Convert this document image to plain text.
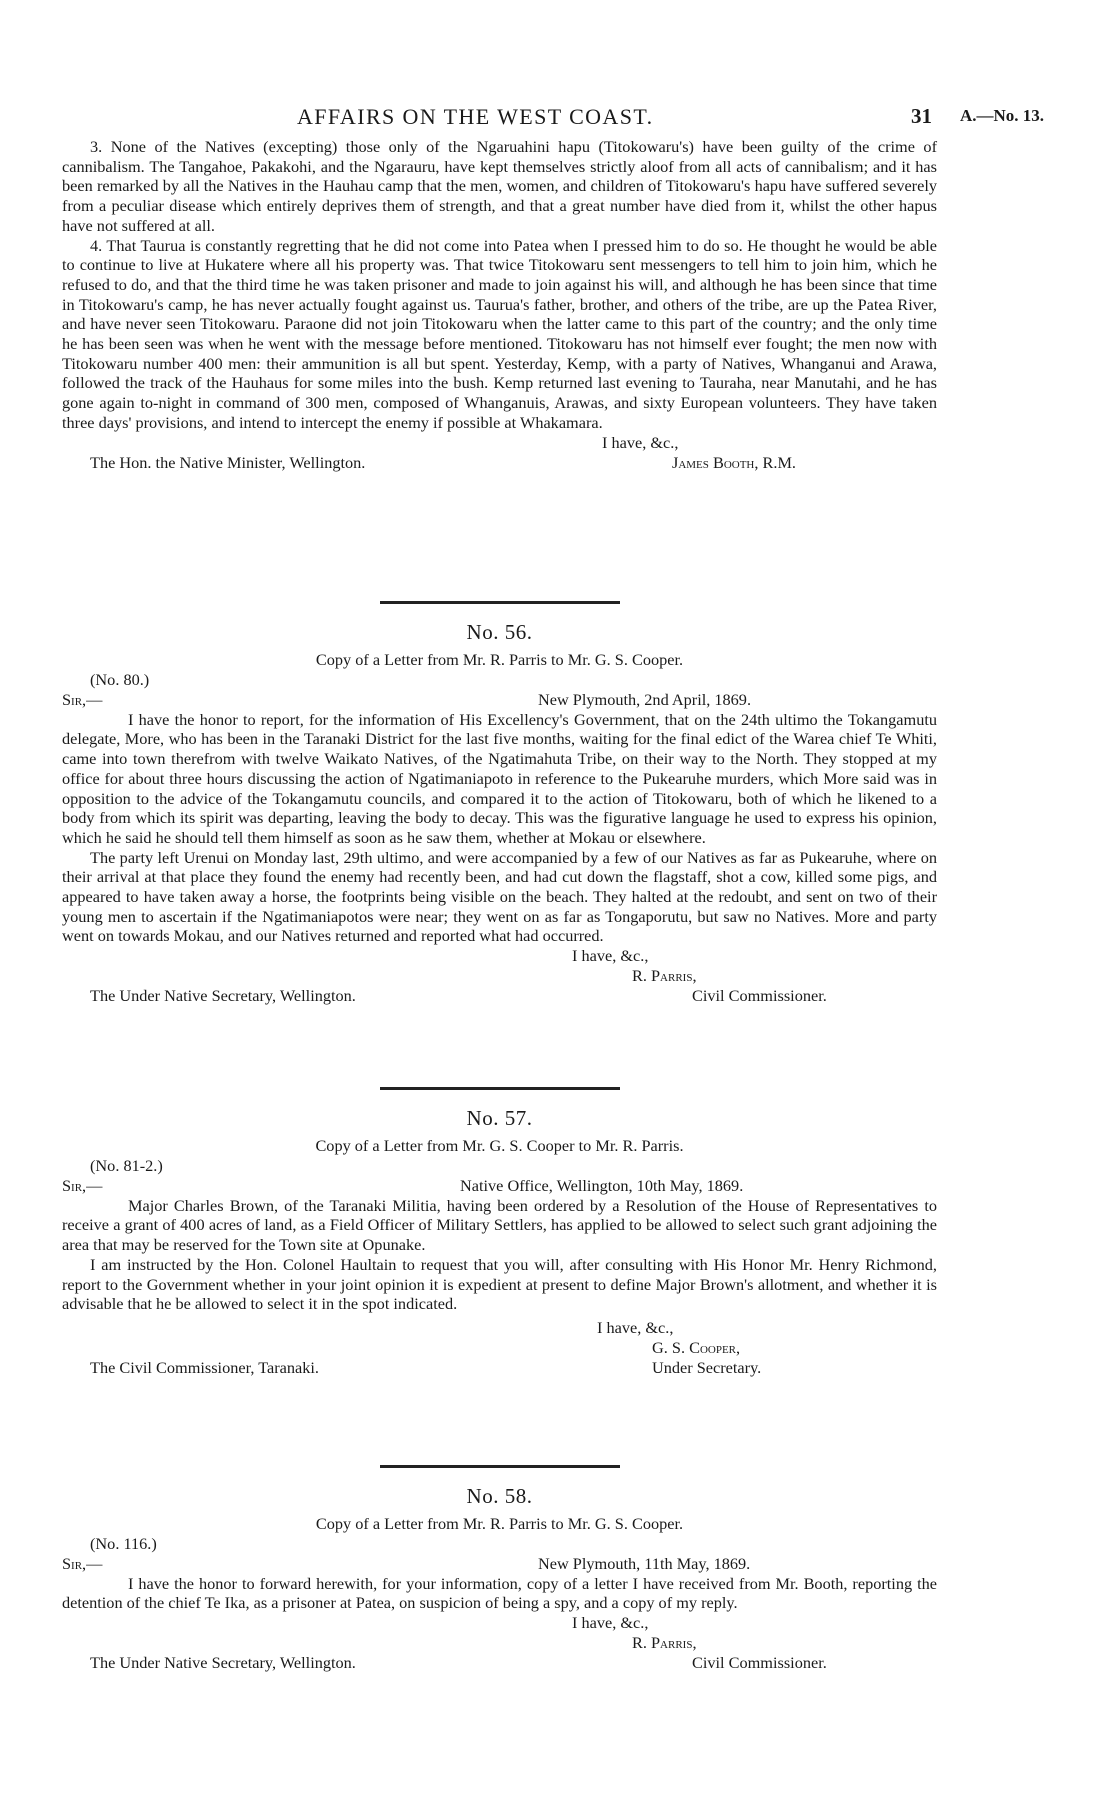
AFFAIRS ON THE WEST COAST.	31 A.—No. 13.

3. None of the Natives (excepting) those only of the Ngaruahini hapu (Titokowaru's) have been guilty of the crime of cannibalism. The Tangahoe, Pakakohi, and the Ngarauru, have kept themselves strictly aloof from all acts of cannibalism; and it has been remarked by all the Natives in the Hauhau camp that the men, women, and children of Titokowaru's hapu have suffered severely from a peculiar disease which entirely deprives them of strength, and that a great number have died from it, whilst the other hapus have not suffered at all.

4. That Taurua is constantly regretting that he did not come into Patea when I pressed him to do so. He thought he would be able to continue to live at Hukatere where all his property was. That twice Titokowaru sent messengers to tell him to join him, which he refused to do, and that the third time he was taken prisoner and made to join against his will, and although he has been since that time in Titokowaru's camp, he has never actually fought against us. Taurua's father, brother, and others of the tribe, are up the Patea River, and have never seen Titokowaru. Paraone did not join Titokowaru when the latter came to this part of the country; and the only time he has been seen was when he went with the message before mentioned. Titokowaru has not himself ever fought; the men now with Titokowaru number 400 men: their ammunition is all but spent. Yesterday, Kemp, with a party of Natives, Whanganui and Arawa, followed the track of the Hauhaus for some miles into the bush. Kemp returned last evening to Tauraha, near Manutahi, and he has gone again to-night in command of 300 men, composed of Whanganuis, Arawas, and sixty European volunteers. They have taken three days' provisions, and intend to intercept the enemy if possible at Whakamara.

I have, &c.,
The Hon. the Native Minister, Wellington.	James Booth, R.M.
No. 56.
Copy of a Letter from Mr. R. Parris to Mr. G. S. Cooper.
(No. 80.)
Sir,—	New Plymouth, 2nd April, 1869.

I have the honor to report, for the information of His Excellency's Government, that on the 24th ultimo the Tokangamutu delegate, More, who has been in the Taranaki District for the last five months, waiting for the final edict of the Warea chief Te Whiti, came into town therefrom with twelve Waikato Natives, of the Ngatimahuta Tribe, on their way to the North. They stopped at my office for about three hours discussing the action of Ngatimaniapoto in reference to the Pukearuhe murders, which More said was in opposition to the advice of the Tokangamutu councils, and compared it to the action of Titokowaru, both of which he likened to a body from which its spirit was departing, leaving the body to decay. This was the figurative language he used to express his opinion, which he said he should tell them himself as soon as he saw them, whether at Mokau or elsewhere.

The party left Urenui on Monday last, 29th ultimo, and were accompanied by a few of our Natives as far as Pukearuhe, where on their arrival at that place they found the enemy had recently been, and had cut down the flagstaff, shot a cow, killed some pigs, and appeared to have taken away a horse, the footprints being visible on the beach. They halted at the redoubt, and sent on two of their young men to ascertain if the Ngatimaniapotos were near; they went on as far as Tongaporutu, but saw no Natives. More and party went on towards Mokau, and our Natives returned and reported what had occurred.

I have, &c.,
R. Parris,
The Under Native Secretary, Wellington.	Civil Commissioner.
No. 57.
Copy of a Letter from Mr. G. S. Cooper to Mr. R. Parris.
(No. 81-2.)
Sir,—	Native Office, Wellington, 10th May, 1869.

Major Charles Brown, of the Taranaki Militia, having been ordered by a Resolution of the House of Representatives to receive a grant of 400 acres of land, as a Field Officer of Military Settlers, has applied to be allowed to select such grant adjoining the area that may be reserved for the Town site at Opunake.

I am instructed by the Hon. Colonel Haultain to request that you will, after consulting with His Honor Mr. Henry Richmond, report to the Government whether in your joint opinion it is expedient at present to define Major Brown's allotment, and whether it is advisable that he be allowed to select it in the spot indicated.

I have, &c.,
G. S. Cooper,
The Civil Commissioner, Taranaki.	Under Secretary.
No. 58.
Copy of a Letter from Mr. R. Parris to Mr. G. S. Cooper.
(No. 116.)
Sir,—	New Plymouth, 11th May, 1869.

I have the honor to forward herewith, for your information, copy of a letter I have received from Mr. Booth, reporting the detention of the chief Te Ika, as a prisoner at Patea, on suspicion of being a spy, and a copy of my reply.

I have, &c.,
R. Parris,
The Under Native Secretary, Wellington.	Civil Commissioner.
